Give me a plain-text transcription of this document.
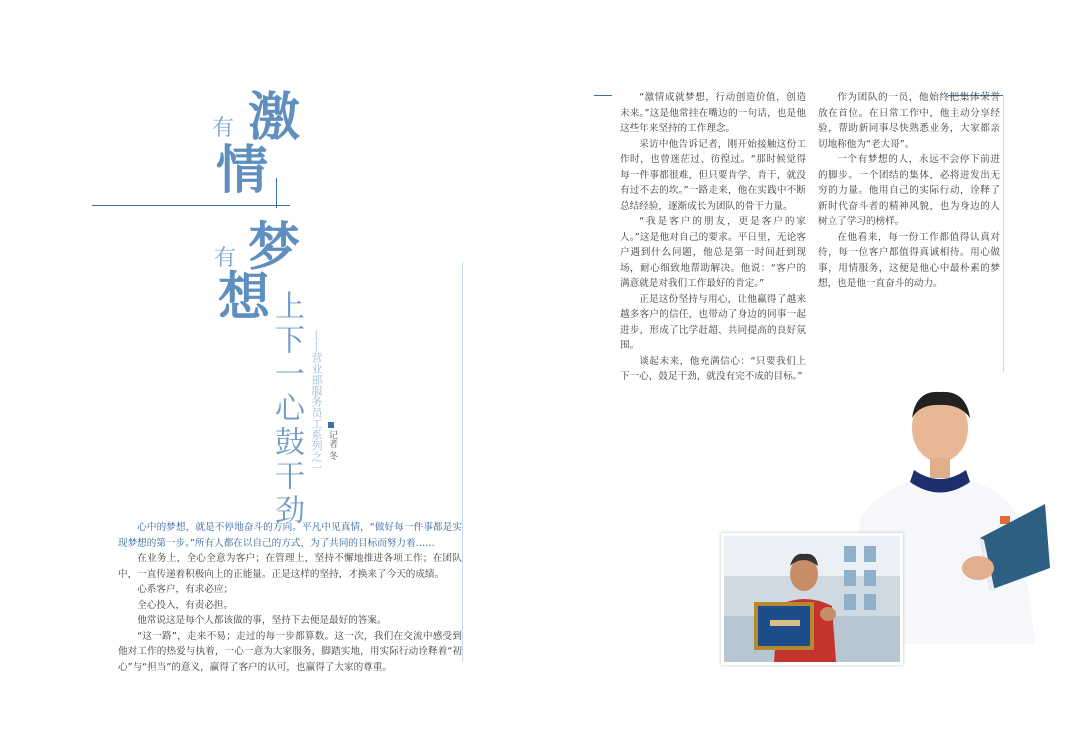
有 激
情
有 梦
想
上下一心鼓干劲 ——营业部服务员工系列之一 记者 冬

心中的梦想，就是不停地奋斗的方向。平凡中见真情，“做好每一件事都是实现梦想的第一步。”所有人都在以自己的方式，为了共同的目标而努力着……

在业务上，全心全意为客户；在管理上，坚持不懈地推进各项工作；在团队中，一直传递着积极向上的正能量。正是这样的坚持，才换来了今天的成绩。

心系客户，有求必应；

全心投入，有责必担。

他常说这是每个人都该做的事，坚持下去便是最好的答案。

“这一路”，走来不易；走过的每一步都算数。这一次，我们在交流中感受到他对工作的热爱与执着，一心一意为大家服务，脚踏实地，用实际行动诠释着“初心”与“担当”的意义，赢得了客户的认可，也赢得了大家的尊重。

“激情成就梦想，行动创造价值，创造未来。”这是他常挂在嘴边的一句话，也是他这些年来坚持的工作理念。

采访中他告诉记者，刚开始接触这份工作时，也曾迷茫过、彷徨过。“那时候觉得每一件事都很难，但只要肯学、肯干，就没有过不去的坎。”一路走来，他在实践中不断总结经验，逐渐成长为团队的骨干力量。

“我是客户的朋友，更是客户的家人。”这是他对自己的要求。平日里，无论客户遇到什么问题，他总是第一时间赶到现场，耐心细致地帮助解决。他说：“客户的满意就是对我们工作最好的肯定。”

正是这份坚持与用心，让他赢得了越来越多客户的信任，也带动了身边的同事一起进步，形成了比学赶超、共同提高的良好氛围。

谈起未来，他充满信心：“只要我们上下一心，鼓足干劲，就没有完不成的目标。”

作为团队的一员，他始终把集体荣誉放在首位。在日常工作中，他主动分享经验，帮助新同事尽快熟悉业务，大家都亲切地称他为“老大哥”。

一个有梦想的人，永远不会停下前进的脚步。一个团结的集体，必将迸发出无穷的力量。他用自己的实际行动，诠释了新时代奋斗者的精神风貌，也为身边的人树立了学习的榜样。

在他看来，每一份工作都值得认真对待，每一位客户都值得真诚相待。用心做事，用情服务，这便是他心中最朴素的梦想，也是他一直奋斗的动力。
